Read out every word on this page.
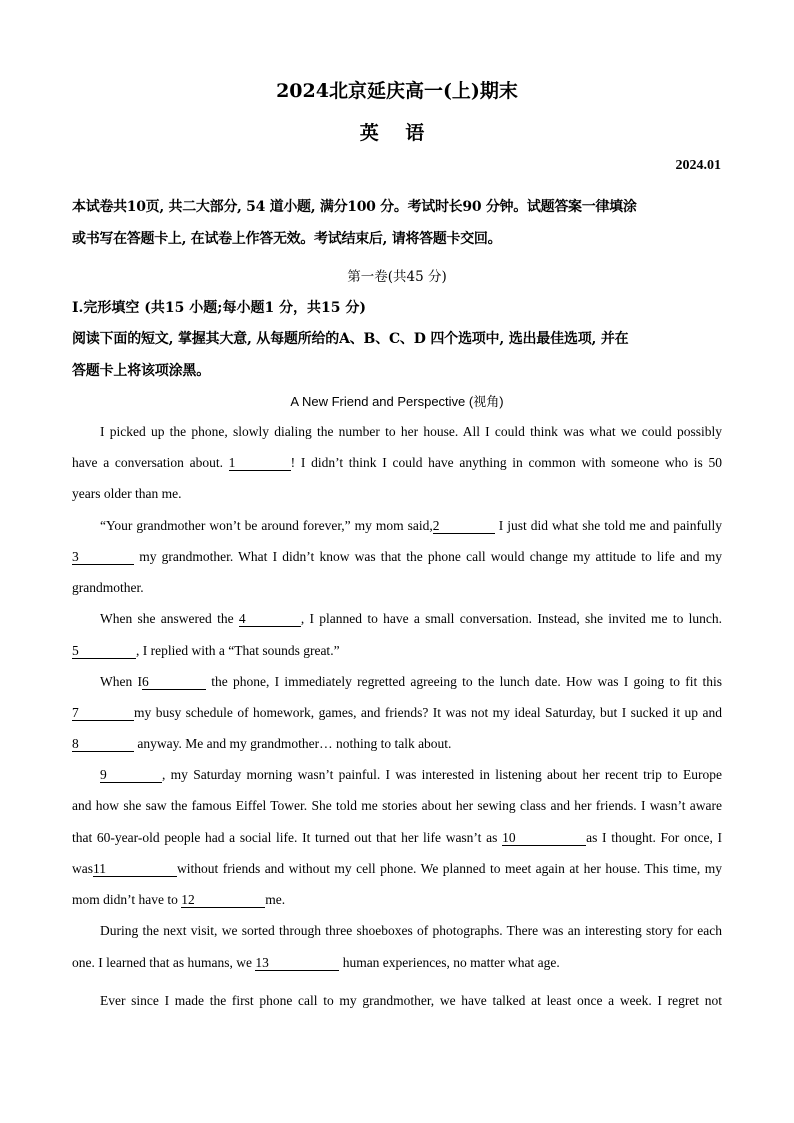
2024北京延庆高一(上)期末
英 语
2024.01
本试卷共10页, 共二大部分, 54 道小题, 满分100 分。考试时长90 分钟。试题答案一律填涂
或书写在答题卡上, 在试卷上作答无效。考试结束后, 请将答题卡交回。
第一卷(共45 分)
I.完形填空 (共15 小题;每小题1 分，共15 分)
阅读下面的短文, 掌握其大意, 从每题所给的A、B、C、D 四个选项中, 选出最佳选项, 并在
答题卡上将该项涂黑。
A New Friend and Perspective (视角)
I picked up the phone, slowly dialing the number to her house. All I could think was what we could possibly
have a conversation about. 1	! I didn’t think I could have anything in common with someone who is 50
years older than me.
“Your grandmother won’t be around forever,” my mom said,2	I just did what she told me and painfully
3	my grandmother. What I didn’t know was that the phone call would change my attitude to life and my
grandmother.
When she answered the 4	, I planned to have a small conversation. Instead, she invited me to lunch.
5	, I replied with a “That sounds great.”
When I6	the phone, I immediately regretted agreeing to the lunch date. How was I going to fit this
7	my busy schedule of homework, games, and friends? It was not my ideal Saturday, but I sucked it up and
8	anyway. Me and my grandmother… nothing to talk about.
9	, my Saturday morning wasn’t painful. I was interested in listening about her recent trip to Europe
and how she saw the famous Eiffel Tower. She told me stories about her sewing class and her friends. I wasn’t aware
that 60-year-old people had a social life. It turned out that her life wasn’t as 10	as I thought. For once, I
was11	without friends and without my cell phone. We planned to meet again at her house. This time, my
mom didn’t have to 12	me.
During the next visit, we sorted through three shoeboxes of photographs. There was an interesting story for each
one. I learned that as humans, we 13	human experiences, no matter what age.
Ever since I made the first phone call to my grandmother, we have talked at least once a week. I regret not
